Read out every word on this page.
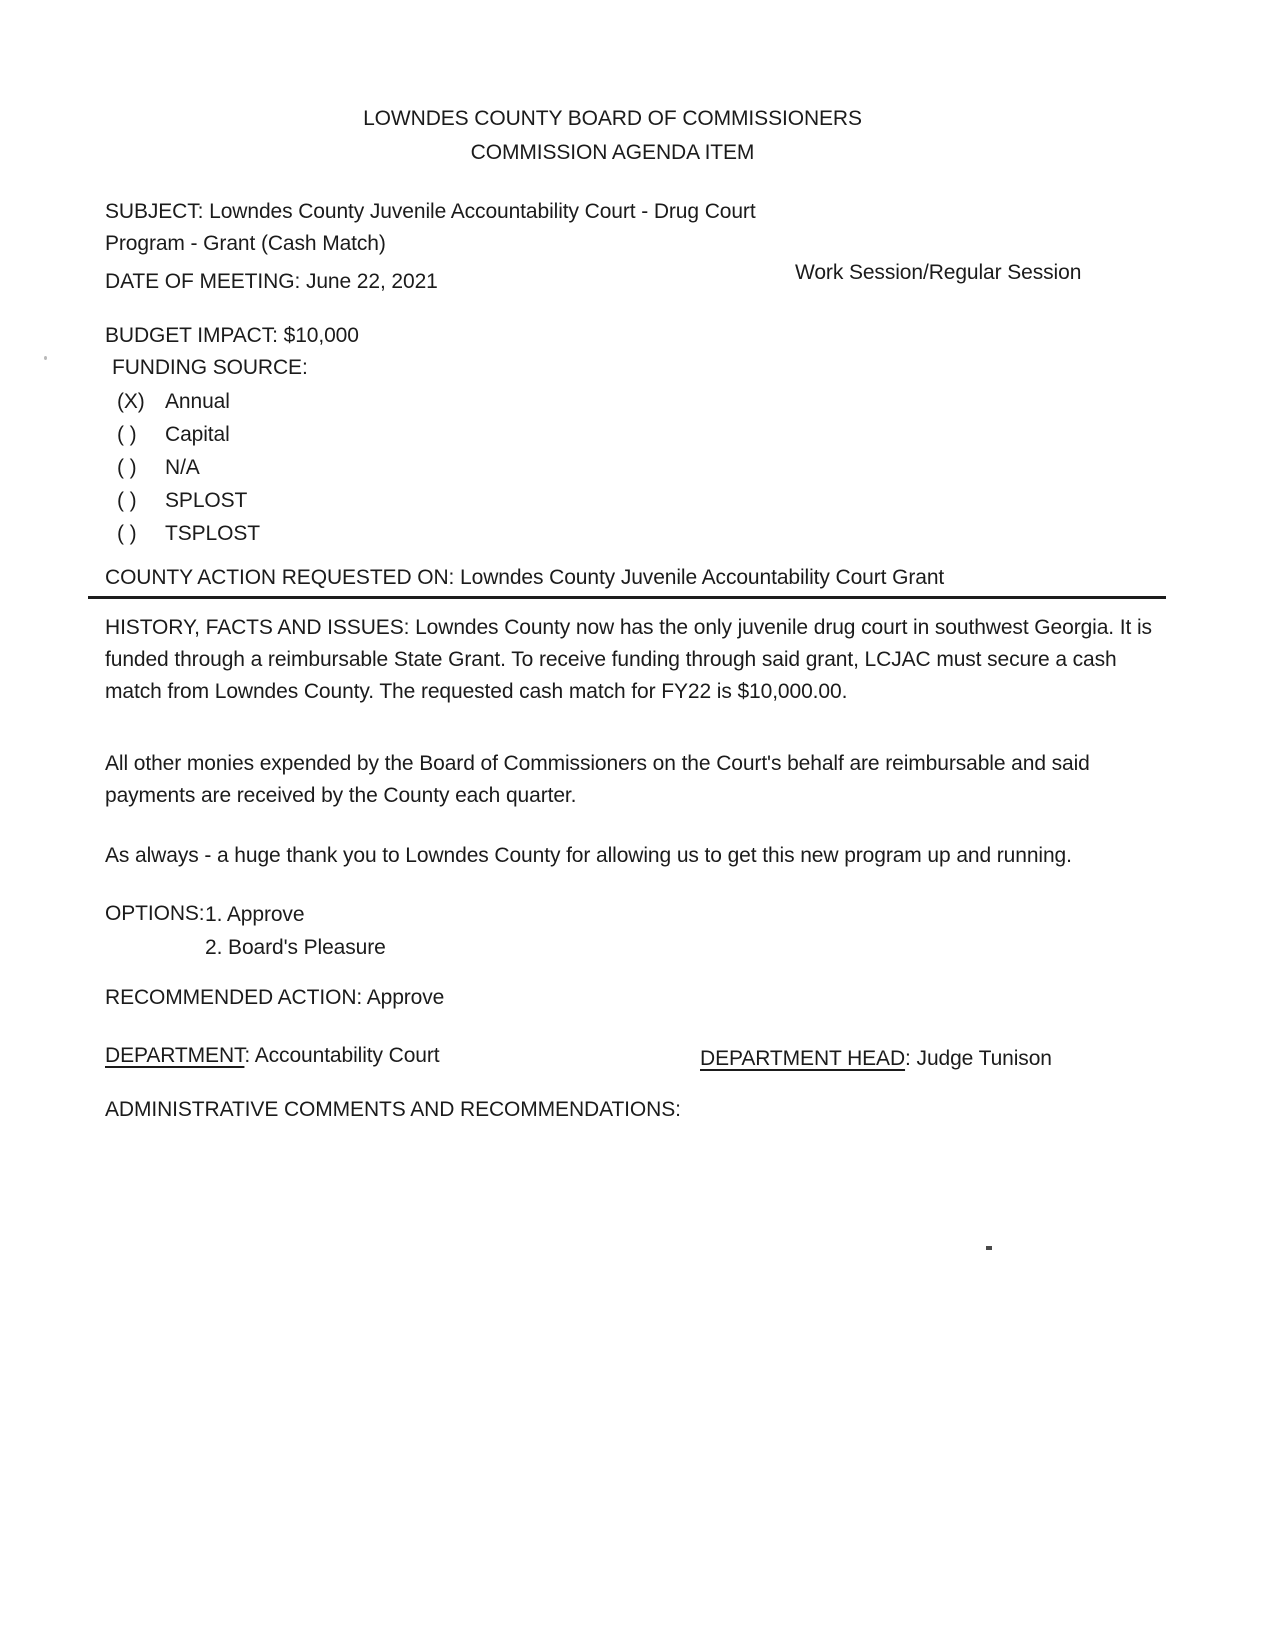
LOWNDES COUNTY BOARD OF COMMISSIONERS
COMMISSION AGENDA ITEM
SUBJECT: Lowndes County Juvenile Accountability Court - Drug Court Program - Grant (Cash Match)
DATE OF MEETING: June 22, 2021	Work Session/Regular Session
BUDGET IMPACT: $10,000
FUNDING SOURCE:
(X) Annual
( )	Capital
( )	N/A
( )	SPLOST
( )	TSPLOST
COUNTY ACTION REQUESTED ON: Lowndes County Juvenile Accountability Court Grant
HISTORY, FACTS AND ISSUES: Lowndes County now has the only juvenile drug court in southwest Georgia. It is funded through a reimbursable State Grant. To receive funding through said grant, LCJAC must secure a cash match from Lowndes County. The requested cash match for FY22 is $10,000.00.
All other monies expended by the Board of Commissioners on the Court's behalf are reimbursable and said payments are received by the County each quarter.
As always - a huge thank you to Lowndes County for allowing us to get this new program up and running.
OPTIONS: 1. Approve
2. Board's Pleasure
RECOMMENDED ACTION: Approve
DEPARTMENT: Accountability Court	DEPARTMENT HEAD: Judge Tunison
ADMINISTRATIVE COMMENTS AND RECOMMENDATIONS:
